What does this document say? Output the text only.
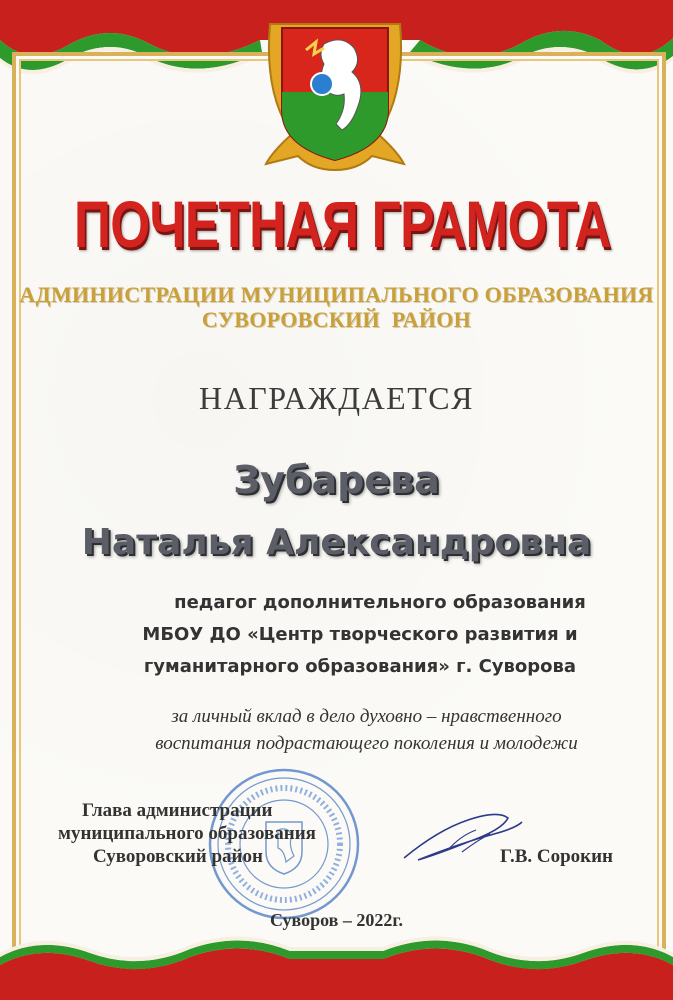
ПОЧЕТНАЯ ГРАМОТА
АДМИНИСТРАЦИИ МУНИЦИПАЛЬНОГО ОБРАЗОВАНИЯ
СУВОРОВСКИЙ РАЙОН
НАГРАЖДАЕТСЯ
Зубарева
Наталья Александровна
педагог дополнительного образования
МБОУ ДО «Центр творческого развития и
гуманитарного образования» г. Суворова
за личный вклад в дело духовно – нравственного
воспитания подрастающего поколения и молодежи
Глава администрации
муниципального образования
Суворовский район	Г.В. Сорокин
Суворов – 2022г.
